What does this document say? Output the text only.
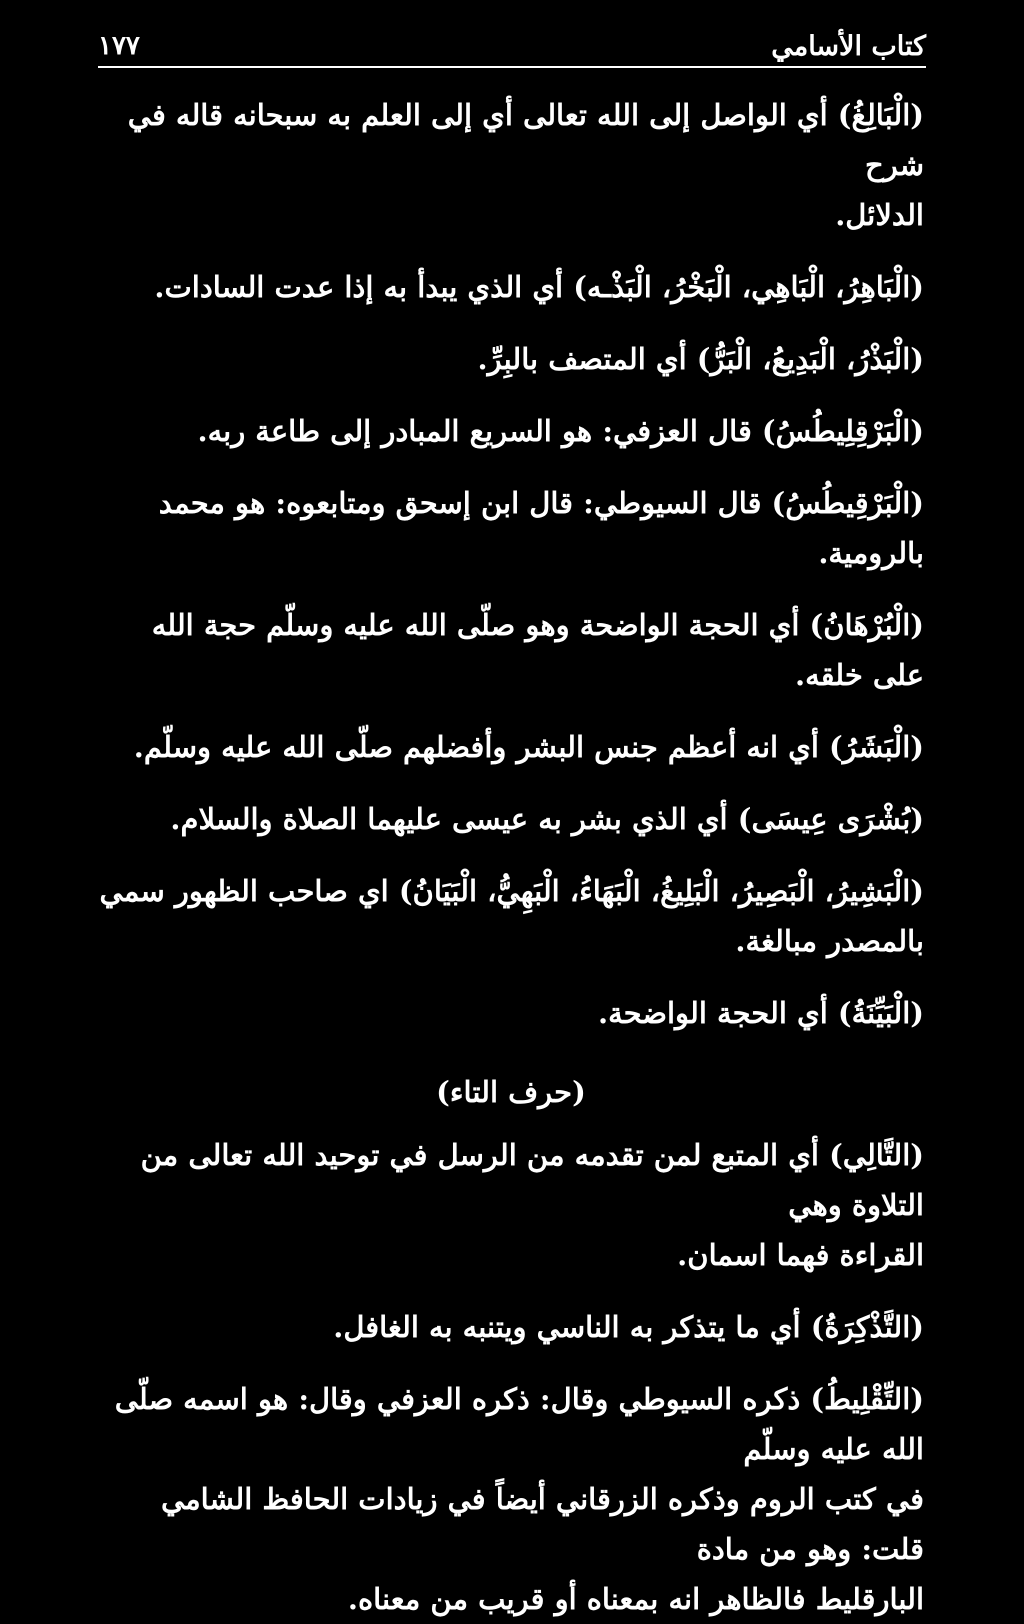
كتاب الأسامي
١٧٧

(الْبَالِغُ) أي الواصل إلى الله تعالى أي إلى العلم به سبحانه قاله في شرح
الدلائل.

(الْبَاهِرُ، الْبَاهِي، الْبَخْرُ، الْبَذْـه) أي الذي يبدأ به إذا عدت السادات.

(الْبَذْرُ، الْبَدِيعُ، الْبَرُّ) أي المتصف بالبِرِّ.

(الْبَرْقِلِيطُسُ) قال العزفي: هو السريع المبادر إلى طاعة ربه.

(الْبَرْقِيطُسُ) قال السيوطي: قال ابن إسحق ومتابعوه: هو محمد بالرومية.

(الْبُرْهَانُ) أي الحجة الواضحة وهو صلّى الله عليه وسلّم حجة الله على خلقه.

(الْبَشَرُ) أي انه أعظم جنس البشر وأفضلهم صلّى الله عليه وسلّم.

(بُشْرَى عِيسَى) أي الذي بشر به عيسى عليهما الصلاة والسلام.

(الْبَشِيرُ، الْبَصِيرُ، الْبَلِيغُ، الْبَهَاءُ، الْبَهِيُّ، الْبَيَانُ) اي صاحب الظهور سمي
بالمصدر مبالغة.

(الْبَيِّنَةُ) أي الحجة الواضحة.

(حرف التاء)

(التَّالِي) أي المتبع لمن تقدمه من الرسل في توحيد الله تعالى من التلاوة وهي
القراءة فهما اسمان.

(التَّذْكِرَةُ) أي ما يتذكر به الناسي ويتنبه به الغافل.

(التِّقْلِيطُ) ذكره السيوطي وقال: ذكره العزفي وقال: هو اسمه صلّى الله عليه وسلّم
في كتب الروم وذكره الزرقاني أيضاً في زيادات الحافظ الشامي قلت: وهو من مادة
البارقليط فالظاهر انه بمعناه أو قريب من معناه.
